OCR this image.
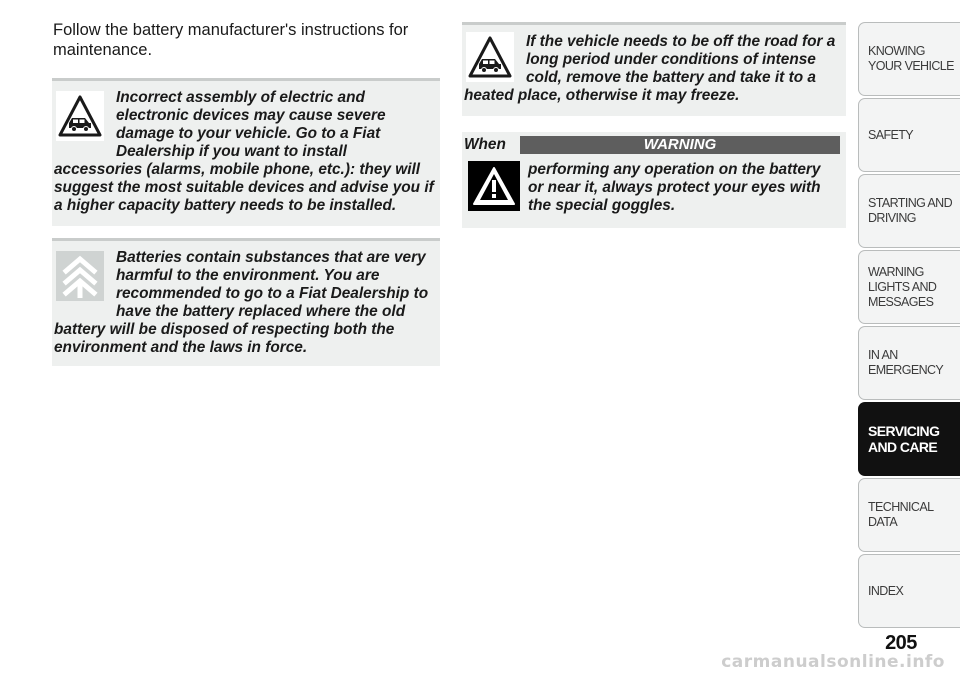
Follow the battery manufacturer's instructions for maintenance.

Incorrect assembly of electric and electronic devices may cause severe damage to your vehicle. Go to a Fiat Dealership if you want to install accessories (alarms, mobile phone, etc.): they will suggest the most suitable devices and advise you if a higher capacity battery needs to be installed.

Batteries contain substances that are very harmful to the environment. You are recommended to go to a Fiat Dealership to have the battery replaced where the old battery will be disposed of respecting both the environment and the laws in force.

If the vehicle needs to be off the road for a long period under conditions of intense cold, remove the battery and take it to a heated place, otherwise it may freeze.

WARNING

When performing any operation on the battery or near it, always protect your eyes with the special goggles.

KNOWING YOUR VEHICLE
SAFETY
STARTING AND DRIVING
WARNING LIGHTS AND MESSAGES
IN AN EMERGENCY
SERVICING AND CARE
TECHNICAL DATA
INDEX
205
carmanualsonline.info
